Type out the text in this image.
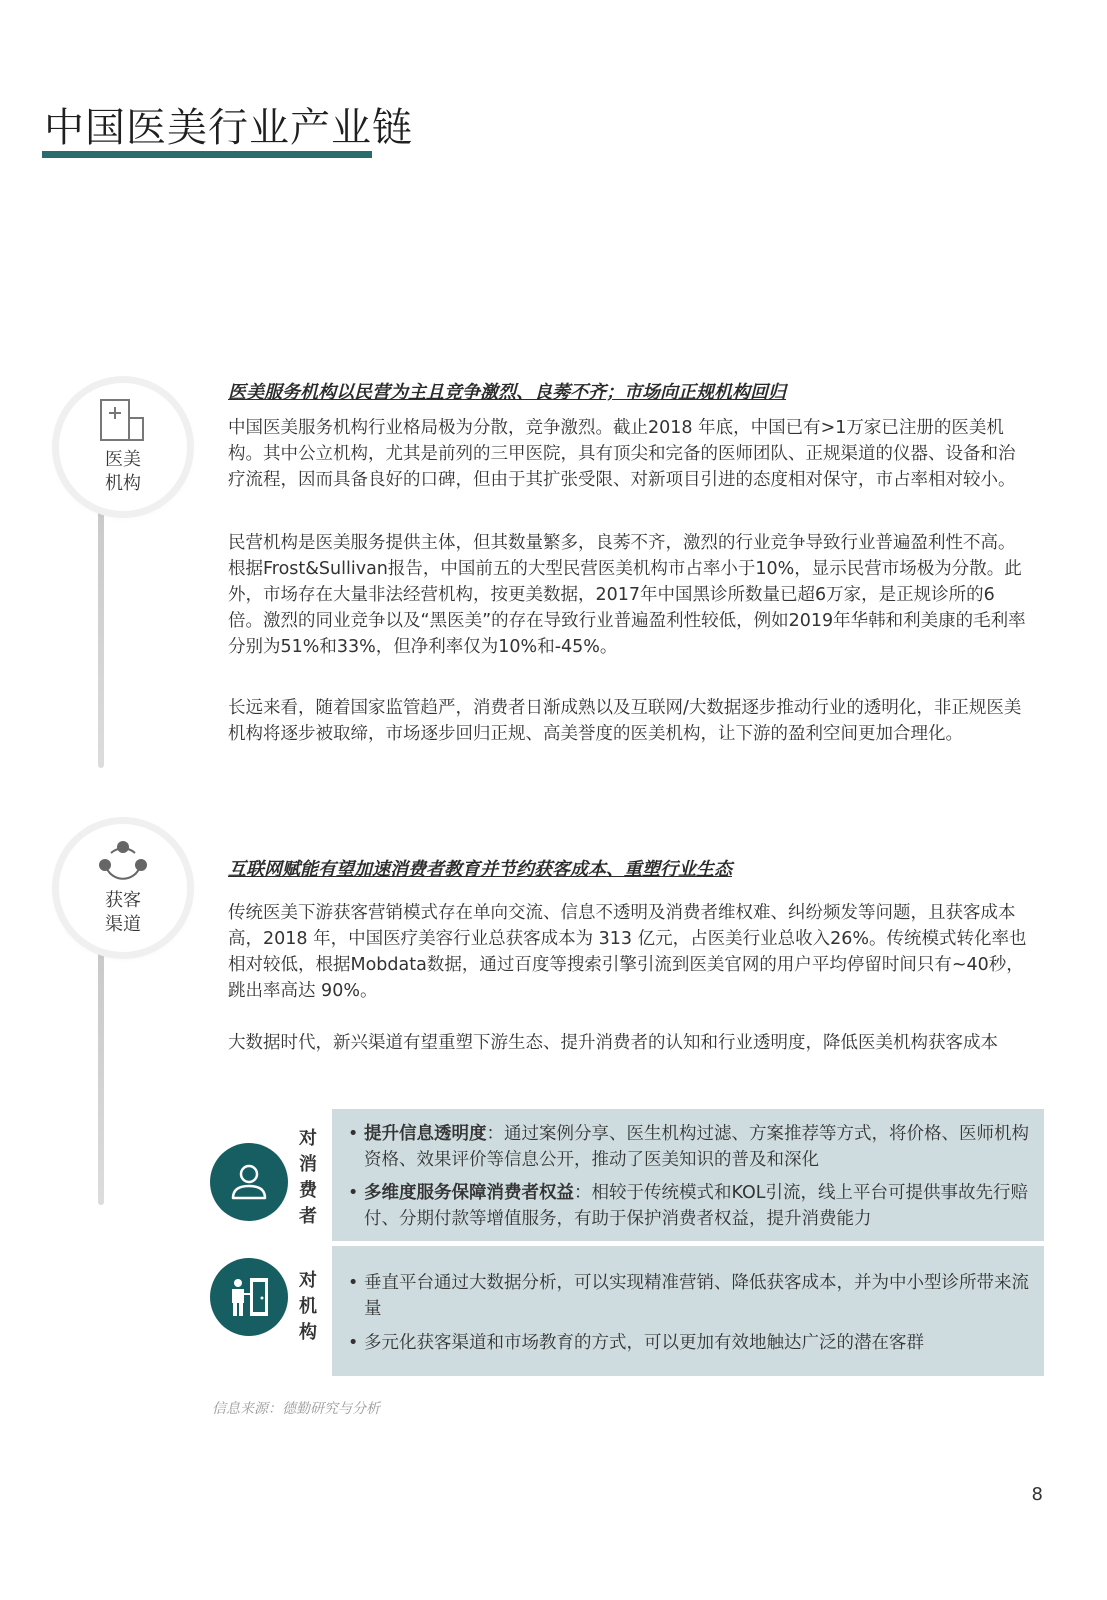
中国医美行业产业链
医美
机构
医美服务机构以民营为主且竞争激烈、良莠不齐；市场向正规机构回归

中国医美服务机构行业格局极为分散，竞争激烈。截止2018 年底，中国已有>1万家已注册的医美机构。其中公立机构，尤其是前列的三甲医院，具有顶尖和完备的医师团队、正规渠道的仪器、设备和治疗流程，因而具备良好的口碑，但由于其扩张受限、对新项目引进的态度相对保守，市占率相对较小。

民营机构是医美服务提供主体，但其数量繁多，良莠不齐，激烈的行业竞争导致行业普遍盈利性不高。根据Frost&Sullivan报告，中国前五的大型民营医美机构市占率小于10%，显示民营市场极为分散。此外，市场存在大量非法经营机构，按更美数据，2017年中国黑诊所数量已超6万家，是正规诊所的6 倍。激烈的同业竞争以及“黑医美”的存在导致行业普遍盈利性较低，例如2019年华韩和利美康的毛利率分别为51%和33%，但净利率仅为10%和-45%。

长远来看，随着国家监管趋严，消费者日渐成熟以及互联网/大数据逐步推动行业的透明化，非正规医美机构将逐步被取缔，市场逐步回归正规、高美誉度的医美机构，让下游的盈利空间更加合理化。

获客
渠道
互联网赋能有望加速消费者教育并节约获客成本、重塑行业生态

传统医美下游获客营销模式存在单向交流、信息不透明及消费者维权难、纠纷频发等问题，且获客成本高，2018 年，中国医疗美容行业总获客成本为 313 亿元，占医美行业总收入26%。传统模式转化率也相对较低，根据Mobdata数据，通过百度等搜索引擎引流到医美官网的用户平均停留时间只有~40秒，跳出率高达 90%。

大数据时代，新兴渠道有望重塑下游生态、提升消费者的认知和行业透明度，降低医美机构获客成本

对
消
费
者
• 提升信息透明度：通过案例分享、医生机构过滤、方案推荐等方式，将价格、医师机构资格、效果评价等信息公开，推动了医美知识的普及和深化
• 多维度服务保障消费者权益：相较于传统模式和KOL引流，线上平台可提供事故先行赔付、分期付款等增值服务，有助于保护消费者权益，提升消费能力
对
机
构
• 垂直平台通过大数据分析，可以实现精准营销、降低获客成本，并为中小型诊所带来流量
• 多元化获客渠道和市场教育的方式，可以更加有效地触达广泛的潜在客群
信息来源：德勤研究与分析
8
